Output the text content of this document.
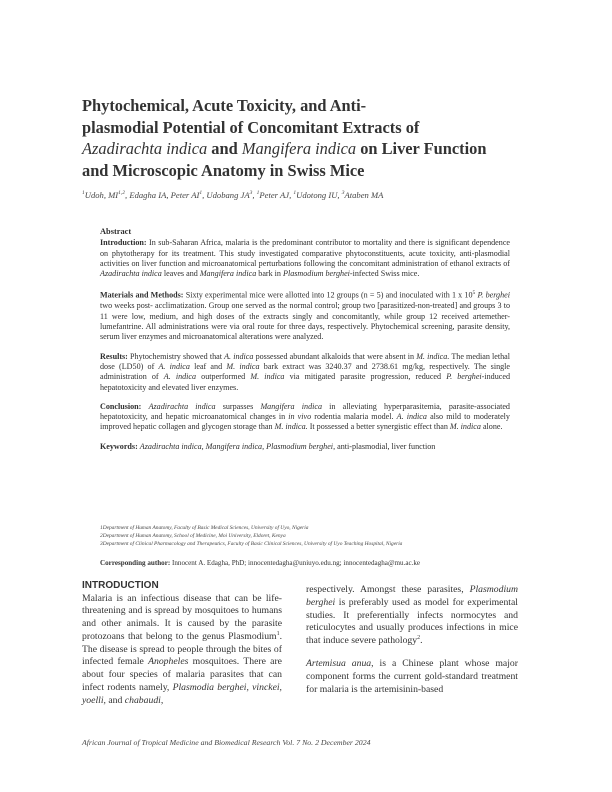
Phytochemical, Acute Toxicity, and Anti-
plasmodial Potential of Concomitant Extracts of
Azadirachta indica and Mangifera indica on Liver Function
and Microscopic Anatomy in Swiss Mice

$^1$Udoh, MI$^{1,2}$, Edagha IA, Peter $AI^1$, Udobang $JA^3$, $^1$Peter AJ, $^1$Udotong IU, $^3$Ataben MA

Abstract

Introduction: In sub-Saharan Africa, malaria is the predominant contributor to mortality and there is significant dependence on phytotherapy for its treatment. This study investigated comparative phytoconstituents, acute toxicity, anti-plasmodial activities on liver function and microanatomical perturbations following the concomitant administration of ethanol extracts of Azadirachta indica leaves and Mangifera indica bark in Plasmodium berghei-infected Swiss mice.

Materials and Methods: Sixty experimental mice were allotted into 12 groups (n = 5) and inoculated with 1 x $10^5$ P. berghei two weeks post- acclimatization. Group one served as the normal control; group two [parasitized-non-treated] and groups 3 to 11 were low, medium, and high doses of the extracts singly and concomitantly, while group 12 received artemether-lumefantrine. All administrations were via oral route for three days, respectively. Phytochemical screening, parasite density, serum liver enzymes and microanatomical alterations were analyzed.

Results: Phytochemistry showed that A. indica possessed abundant alkaloids that were absent in M. indica. The median lethal dose (LD50) of A. indica leaf and M. indica bark extract was 3240.37 and 2738.61 mg/kg, respectively. The single administration of A. indica outperformed M. indica via mitigated parasite progression, reduced P. berghei-induced hepatotoxicity and elevated liver enzymes.

Conclusion: Azadirachta indica surpasses Mangifera indica in alleviating hyperparasitemia, parasite-associated hepatotoxicity, and hepatic microanatomical changes in in vivo rodentia malaria model. A. indica also mild to moderately improved hepatic collagen and glycogen storage than M. indica. It possessed a better synergistic effect than M. indica alone.

Keywords: Azadirachta indica, Mangifera indica, Plasmodium berghei, anti-plasmodial, liver function

1Department of Human Anatomy, Faculty of Basic Medical Sciences, University of Uyo, Nigeria
2Department of Human Anatomy, School of Medicine, Moi University, Eldoret, Kenya
3Department of Clinical Pharmacology and Therapeutics, Faculty of Basic Clinical Sciences, University of Uyo Teaching Hospital, Nigeria
Corresponding author: Innocent A. Edagha, PhD; innocentedagha@uniuyo.edu.ng; innocentedagha@mu.ac.ke

INTRODUCTION

Malaria is an infectious disease that can be life-threatening and is spread by mosquitoes to humans and other animals. It is caused by the parasite protozoans that belong to the genus Plasmodium$^1$. The disease is spread to people through the bites of infected female Anopheles mosquitoes. There are about four species of malaria parasites that can infect rodents namely, Plasmodia berghei, vinckei, yoelli, and chabaudi,

respectively. Amongst these parasites, Plasmodium berghei is preferably used as model for experimental studies. It preferentially infects normocytes and reticulocytes and usually produces infections in mice that induce severe pathology$^2$.

Artemisua anua, is a Chinese plant whose major component forms the current gold-standard treatment for malaria is the artemisinin-based

African Journal of Tropical Medicine and Biomedical Research Vol. 7 No. 2 December 2024
